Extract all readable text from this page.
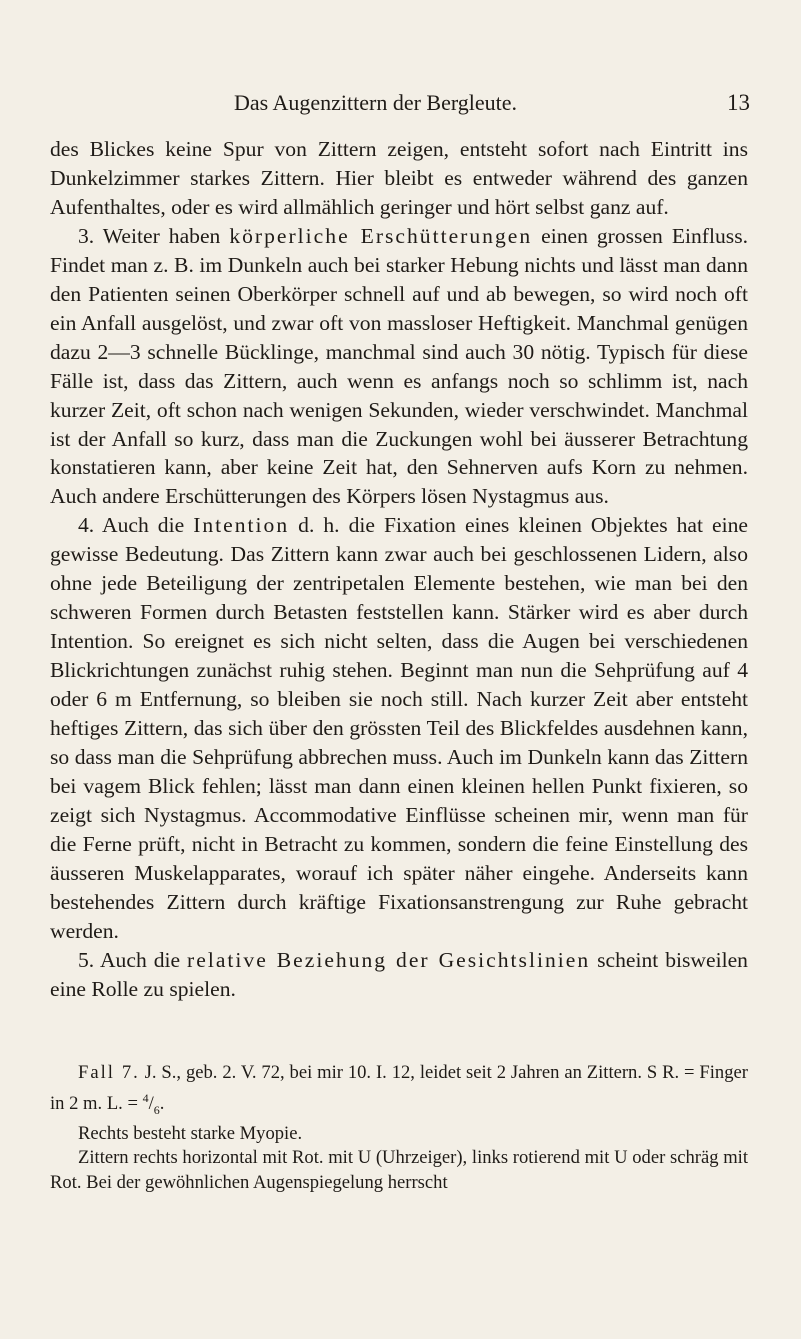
Das Augenzittern der Bergleute.	13

des Blickes keine Spur von Zittern zeigen, entsteht sofort nach Eintritt ins Dunkelzimmer starkes Zittern. Hier bleibt es entweder während des ganzen Aufenthaltes, oder es wird allmählich geringer und hört selbst ganz auf.

3. Weiter haben körperliche Erschütterungen einen grossen Einfluss. Findet man z. B. im Dunkeln auch bei starker Hebung nichts und lässt man dann den Patienten seinen Oberkörper schnell auf und ab bewegen, so wird noch oft ein Anfall ausgelöst, und zwar oft von massloser Heftigkeit. Manchmal genügen dazu 2—3 schnelle Bücklinge, manchmal sind auch 30 nötig. Typisch für diese Fälle ist, dass das Zittern, auch wenn es anfangs noch so schlimm ist, nach kurzer Zeit, oft schon nach wenigen Sekunden, wieder verschwindet. Manchmal ist der Anfall so kurz, dass man die Zuckungen wohl bei äusserer Betrachtung konstatieren kann, aber keine Zeit hat, den Sehnerven aufs Korn zu nehmen. Auch andere Erschütterungen des Körpers lösen Nystagmus aus.

4. Auch die Intention d. h. die Fixation eines kleinen Objektes hat eine gewisse Bedeutung. Das Zittern kann zwar auch bei geschlossenen Lidern, also ohne jede Beteiligung der zentripetalen Elemente bestehen, wie man bei den schweren Formen durch Betasten feststellen kann. Stärker wird es aber durch Intention. So ereignet es sich nicht selten, dass die Augen bei verschiedenen Blickrichtungen zunächst ruhig stehen. Beginnt man nun die Sehprüfung auf 4 oder 6 m Entfernung, so bleiben sie noch still. Nach kurzer Zeit aber entsteht heftiges Zittern, das sich über den grössten Teil des Blickfeldes ausdehnen kann, so dass man die Sehprüfung abbrechen muss. Auch im Dunkeln kann das Zittern bei vagem Blick fehlen; lässt man dann einen kleinen hellen Punkt fixieren, so zeigt sich Nystagmus. Accommodative Einflüsse scheinen mir, wenn man für die Ferne prüft, nicht in Betracht zu kommen, sondern die feine Einstellung des äusseren Muskelapparates, worauf ich später näher eingehe. Anderseits kann bestehendes Zittern durch kräftige Fixationsanstrengung zur Ruhe gebracht werden.

5. Auch die relative Beziehung der Gesichtslinien scheint bisweilen eine Rolle zu spielen.

Fall 7. J. S., geb. 2. V. 72, bei mir 10. I. 12, leidet seit 2 Jahren an Zittern. S R. = Finger in 2 m. L. = $^4/_6$.

Rechts besteht starke Myopie.

Zittern rechts horizontal mit Rot. mit U (Uhrzeiger), links rotierend mit U oder schräg mit Rot. Bei der gewöhnlichen Augenspiegelung herrscht
